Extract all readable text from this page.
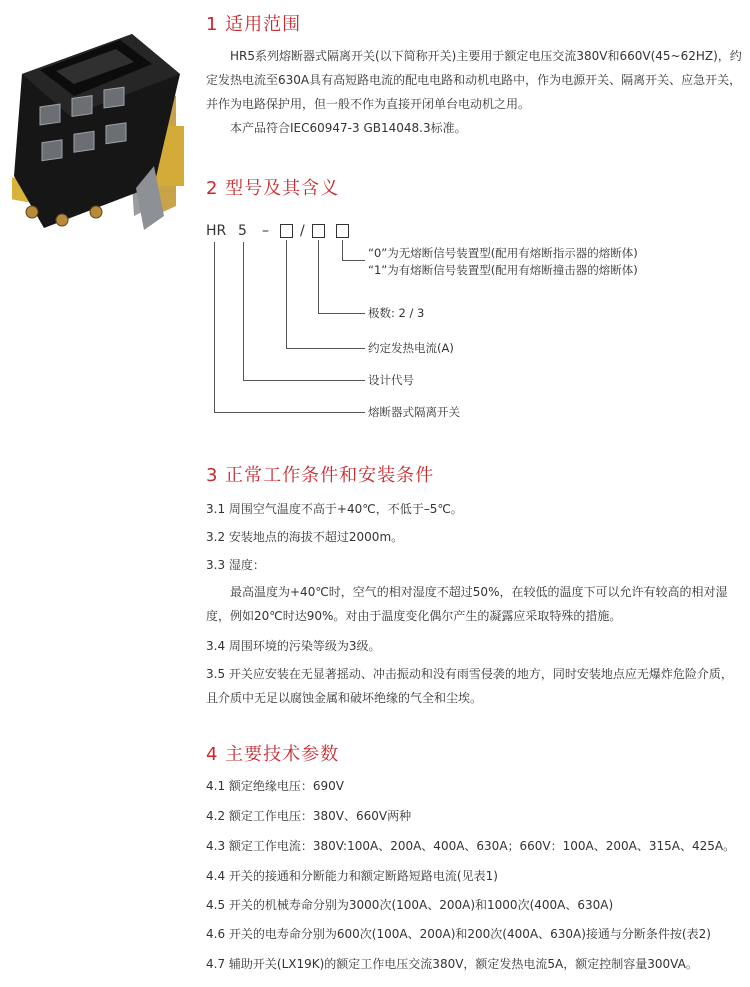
1 适用范围

HR5系列熔断器式隔离开关(以下简称开关)主要用于额定电压交流380V和660V(45~62HZ)，约定发热电流至630A具有高短路电流的配电电路和动机电路中，作为电源开关、隔离开关、应急开关，并作为电路保护用，但一般不作为直接开闭单台电动机之用。

本产品符合IEC60947-3 GB14048.3标准。

2 型号及其含义
HR 5 – /
“0”为无熔断信号装置型(配用有熔断指示器的熔断体)
“1”为有熔断信号装置型(配用有熔断撞击器的熔断体)
极数: 2 / 3
约定发热电流(A)
设计代号
熔断器式隔离开关
3 正常工作条件和安装条件

3.1 周围空气温度不高于+40℃，不低于–5℃。

3.2 安装地点的海拔不超过2000m。

3.3 湿度：

最高温度为+40℃时，空气的相对湿度不超过50%，在较低的温度下可以允许有较高的相对湿度，例如20℃时达90%。对由于温度变化偶尔产生的凝露应采取特殊的措施。

3.4 周围环境的污染等级为3级。

3.5 开关应安装在无显著摇动、冲击振动和没有雨雪侵袭的地方，同时安装地点应无爆炸危险介质，且介质中无足以腐蚀金属和破坏绝缘的气全和尘埃。

4 主要技术参数

4.1 额定绝缘电压：690V

4.2 额定工作电压：380V、660V两种

4.3 额定工作电流：380V:100A、200A、400A、630A；660V：100A、200A、315A、425A。

4.4 开关的接通和分断能力和额定断路短路电流(见表1)

4.5 开关的机械寿命分别为3000次(100A、200A)和1000次(400A、630A)

4.6 开关的电寿命分别为600次(100A、200A)和200次(400A、630A)接通与分断条件按(表2)

4.7 辅助开关(LX19K)的额定工作电压交流380V，额定发热电流5A，额定控制容量300VA。
